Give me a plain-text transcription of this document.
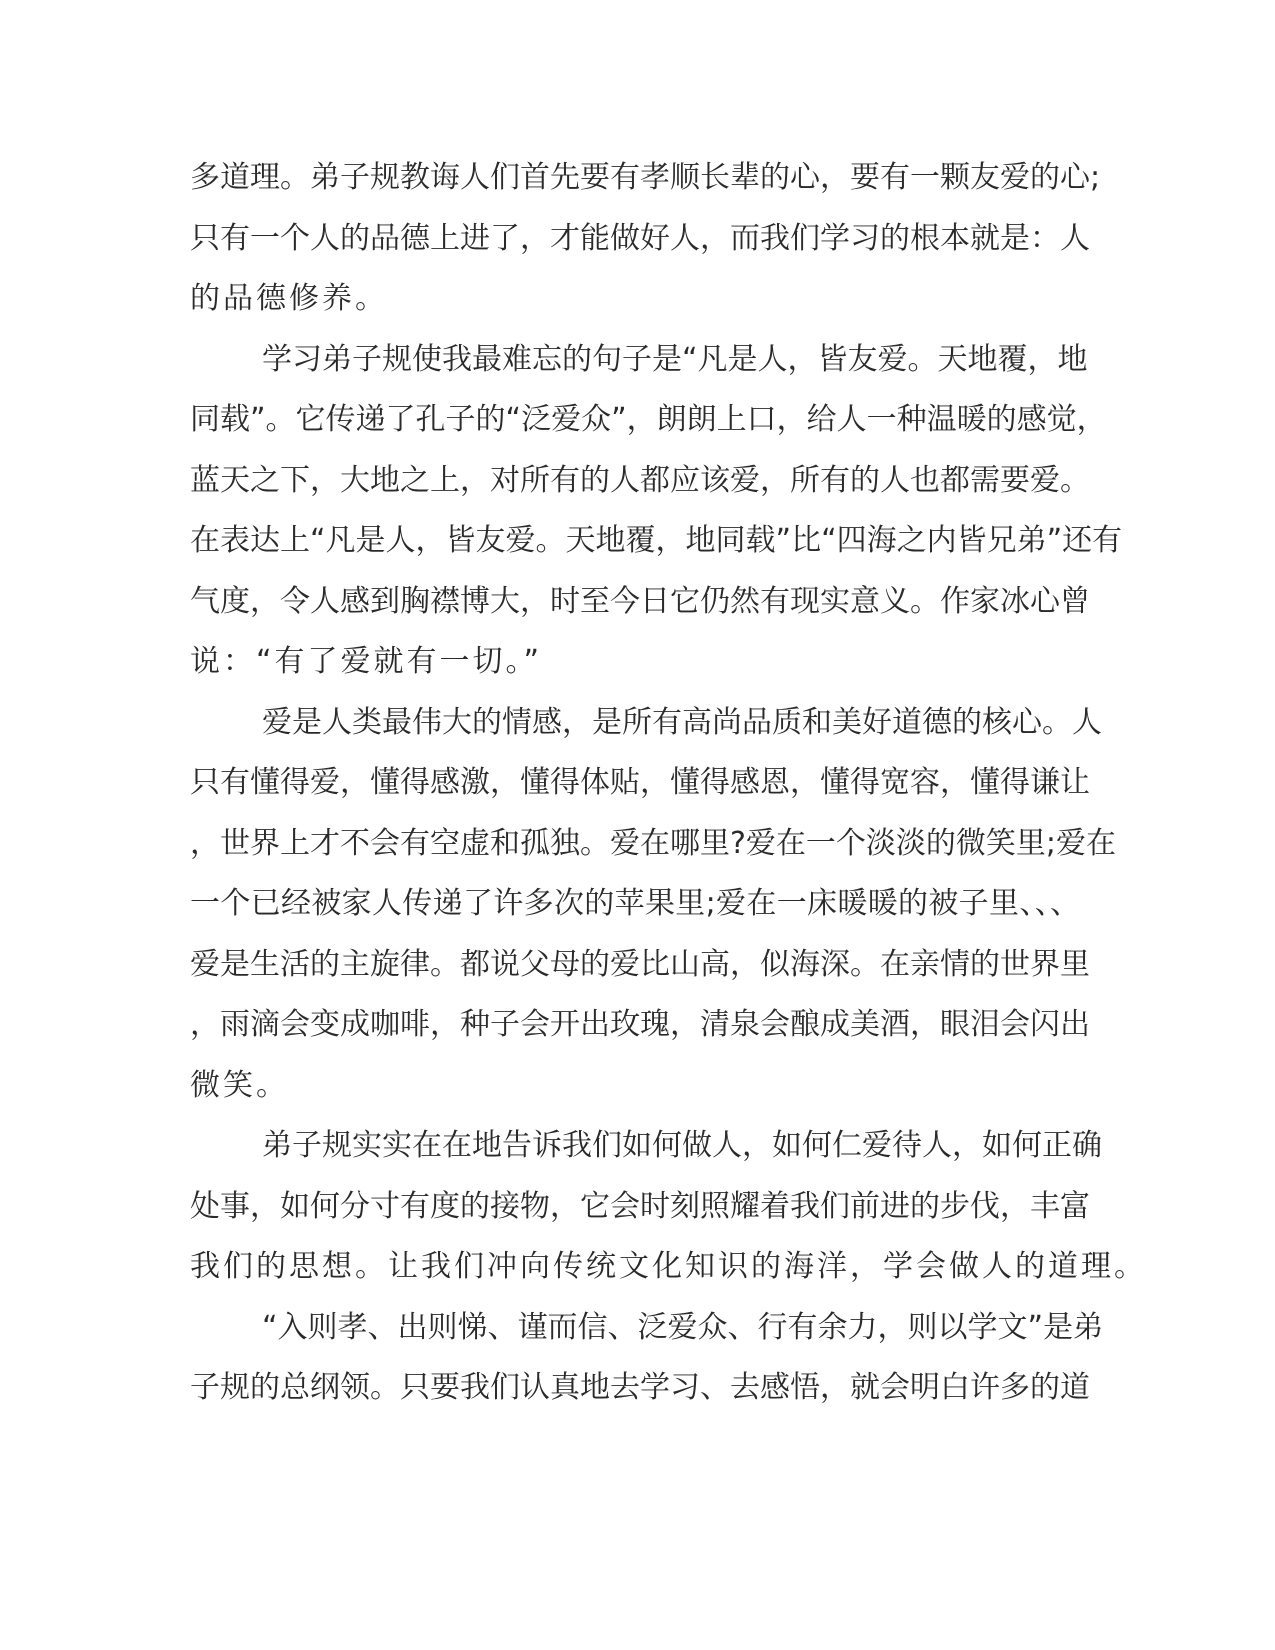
多道理。弟子规教诲人们首先要有孝顺长辈的心，要有一颗友爱的心;
只有一个人的品德上进了，才能做好人，而我们学习的根本就是：人
的品德修养。
学习弟子规使我最难忘的句子是“凡是人，皆友爱。天地覆，地
同载”。它传递了孔子的“泛爱众”，朗朗上口，给人一种温暖的感觉，
蓝天之下，大地之上，对所有的人都应该爱，所有的人也都需要爱。
在表达上“凡是人，皆友爱。天地覆，地同载”比“四海之内皆兄弟”还有
气度，令人感到胸襟博大，时至今日它仍然有现实意义。作家冰心曾
说：“有了爱就有一切。”
爱是人类最伟大的情感，是所有高尚品质和美好道德的核心。人
只有懂得爱，懂得感激，懂得体贴，懂得感恩，懂得宽容，懂得谦让
，世界上才不会有空虚和孤独。爱在哪里?爱在一个淡淡的微笑里;爱在
一个已经被家人传递了许多次的苹果里;爱在一床暖暖的被子里、、、
爱是生活的主旋律。都说父母的爱比山高，似海深。在亲情的世界里
，雨滴会变成咖啡，种子会开出玫瑰，清泉会酿成美酒，眼泪会闪出
微笑。
弟子规实实在在地告诉我们如何做人，如何仁爱待人，如何正确
处事，如何分寸有度的接物，它会时刻照耀着我们前进的步伐，丰富
我们的思想。让我们冲向传统文化知识的海洋，学会做人的道理。
“入则孝、出则悌、谨而信、泛爱众、行有余力，则以学文”是弟
子规的总纲领。只要我们认真地去学习、去感悟，就会明白许多的道
